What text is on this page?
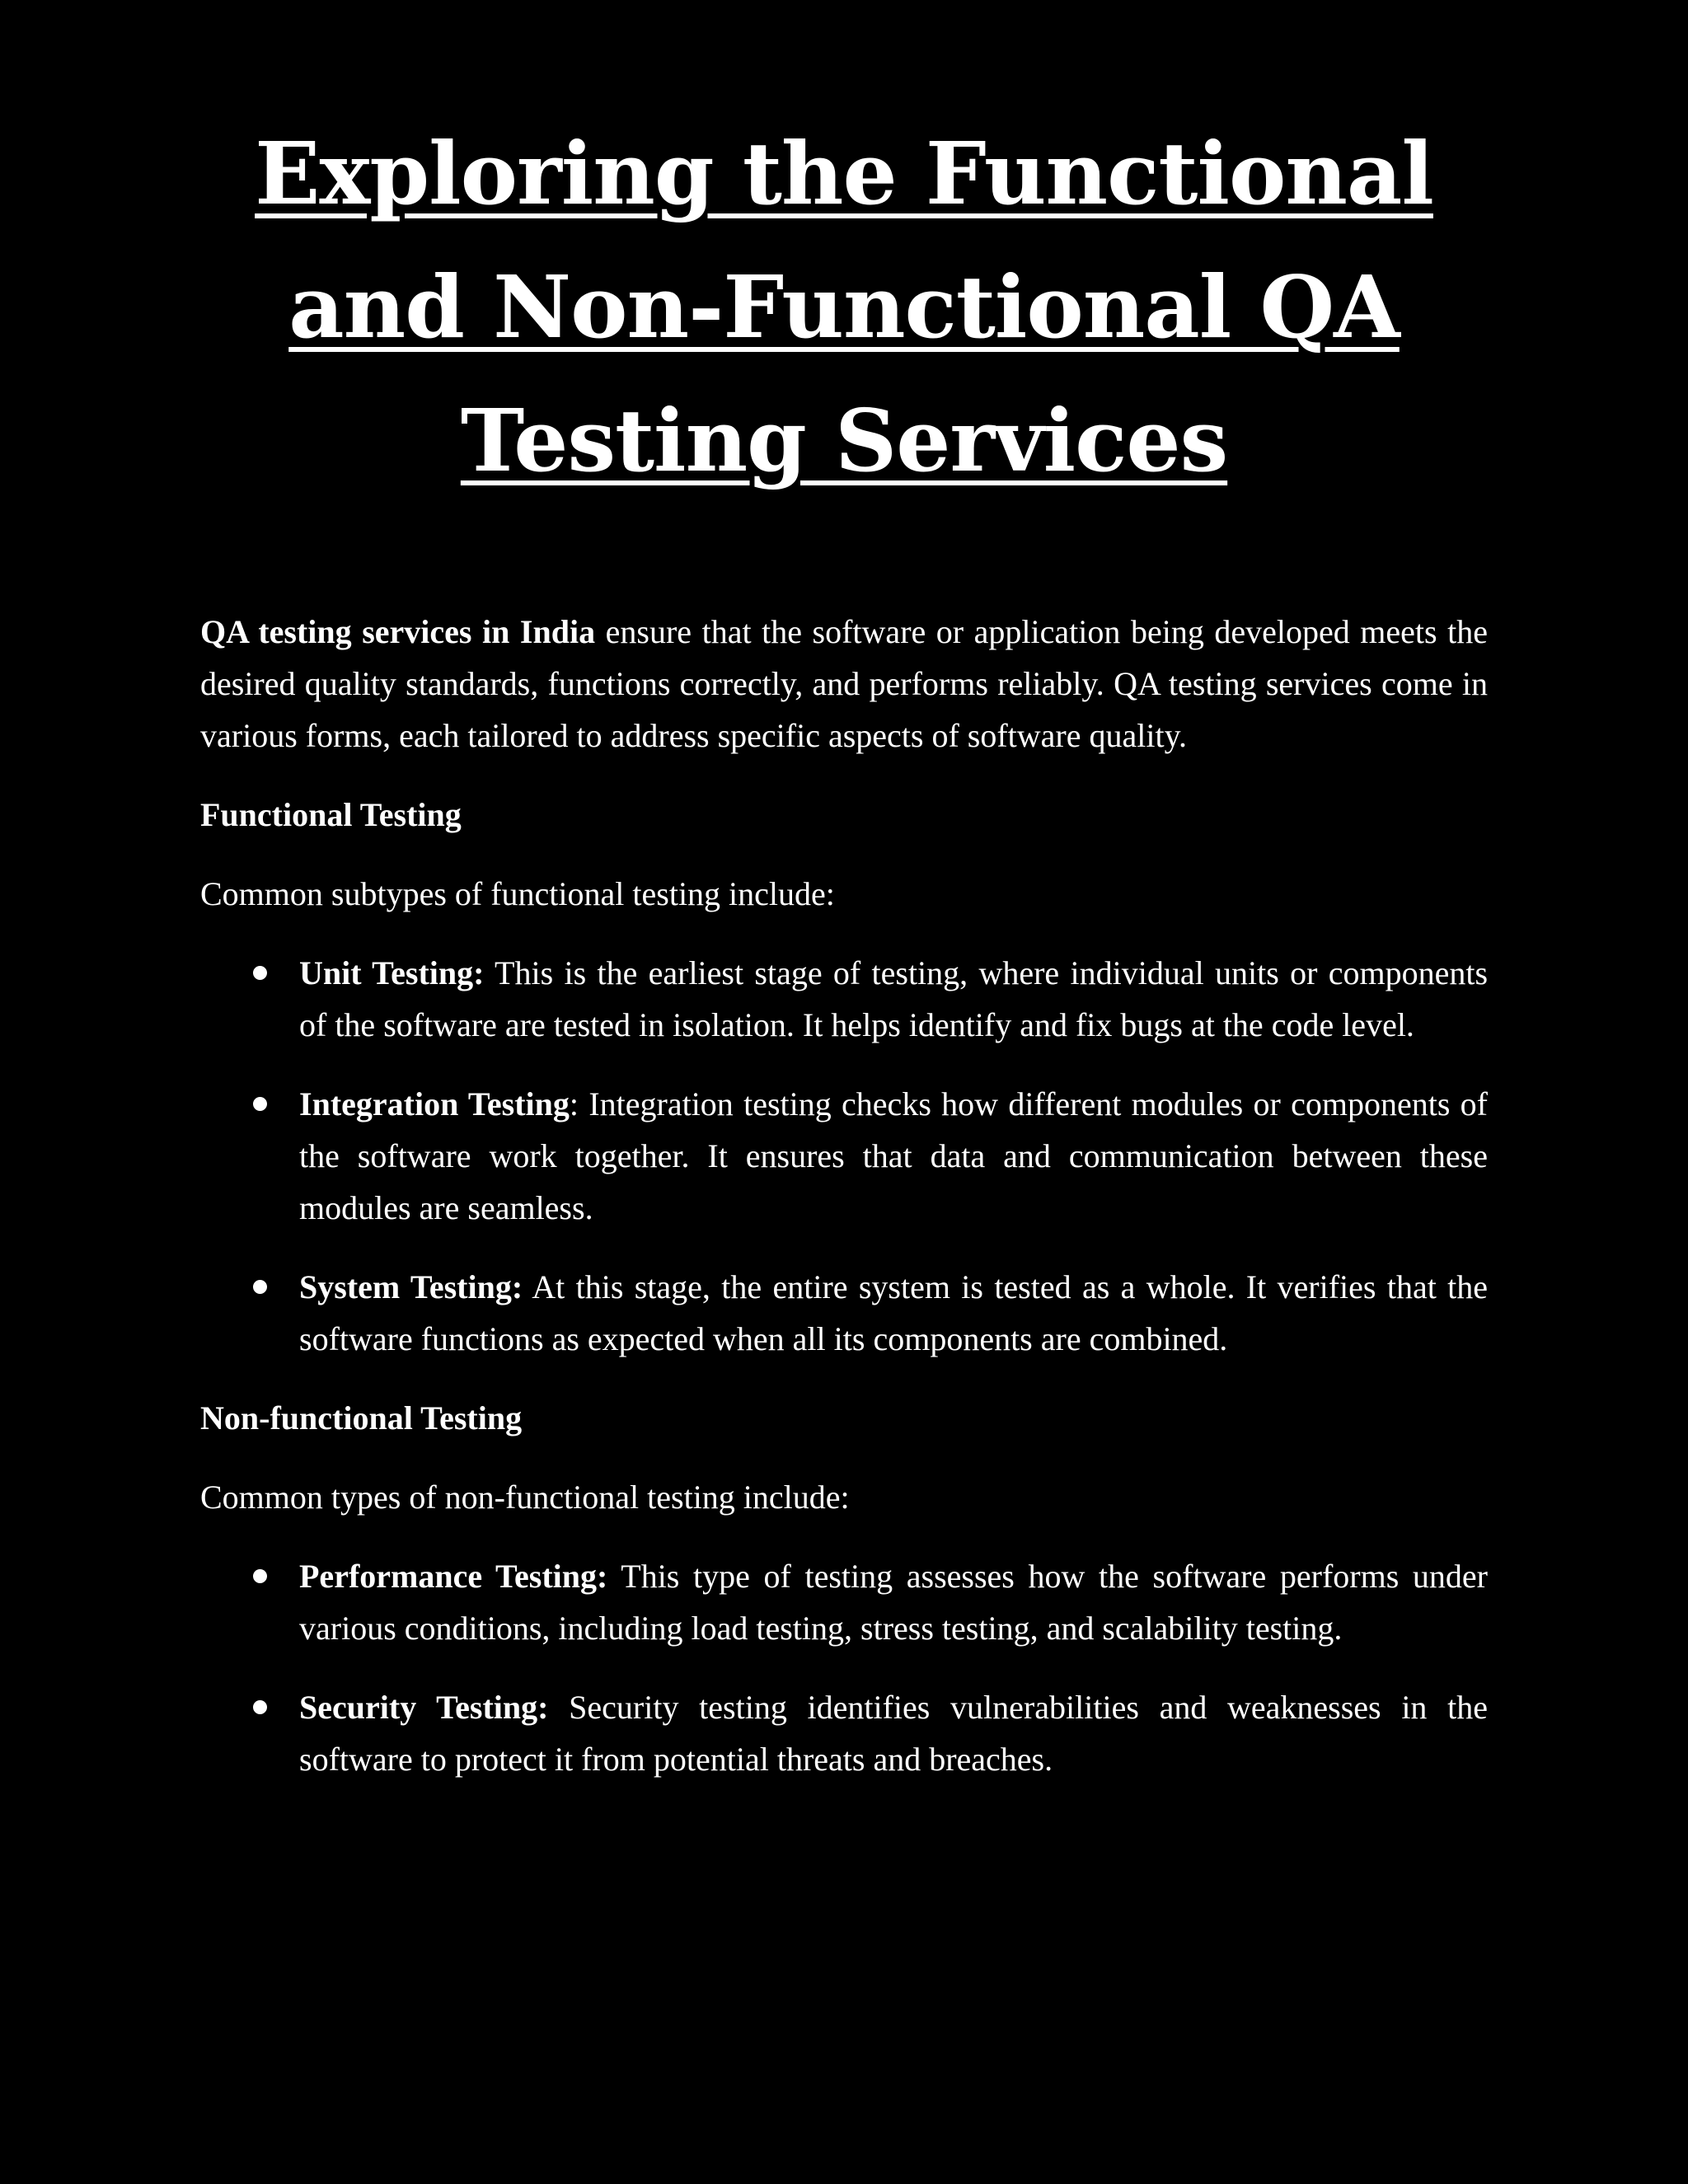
Exploring the Functional
and Non-Functional QA
Testing Services

QA testing services in India ensure that the software or application being developed meets the desired quality standards, functions correctly, and performs reliably. QA testing services come in various forms, each tailored to address specific aspects of software quality.

Functional Testing

Common subtypes of functional testing include:

Unit Testing: This is the earliest stage of testing, where individual units or components of the software are tested in isolation. It helps identify and fix bugs at the code level.
Integration Testing: Integration testing checks how different modules or components of the software work together. It ensures that data and communication between these modules are seamless.
System Testing: At this stage, the entire system is tested as a whole. It verifies that the software functions as expected when all its components are combined.

Non-functional Testing

Common types of non-functional testing include:

Performance Testing: This type of testing assesses how the software performs under various conditions, including load testing, stress testing, and scalability testing.
Security Testing: Security testing identifies vulnerabilities and weaknesses in the software to protect it from potential threats and breaches.
